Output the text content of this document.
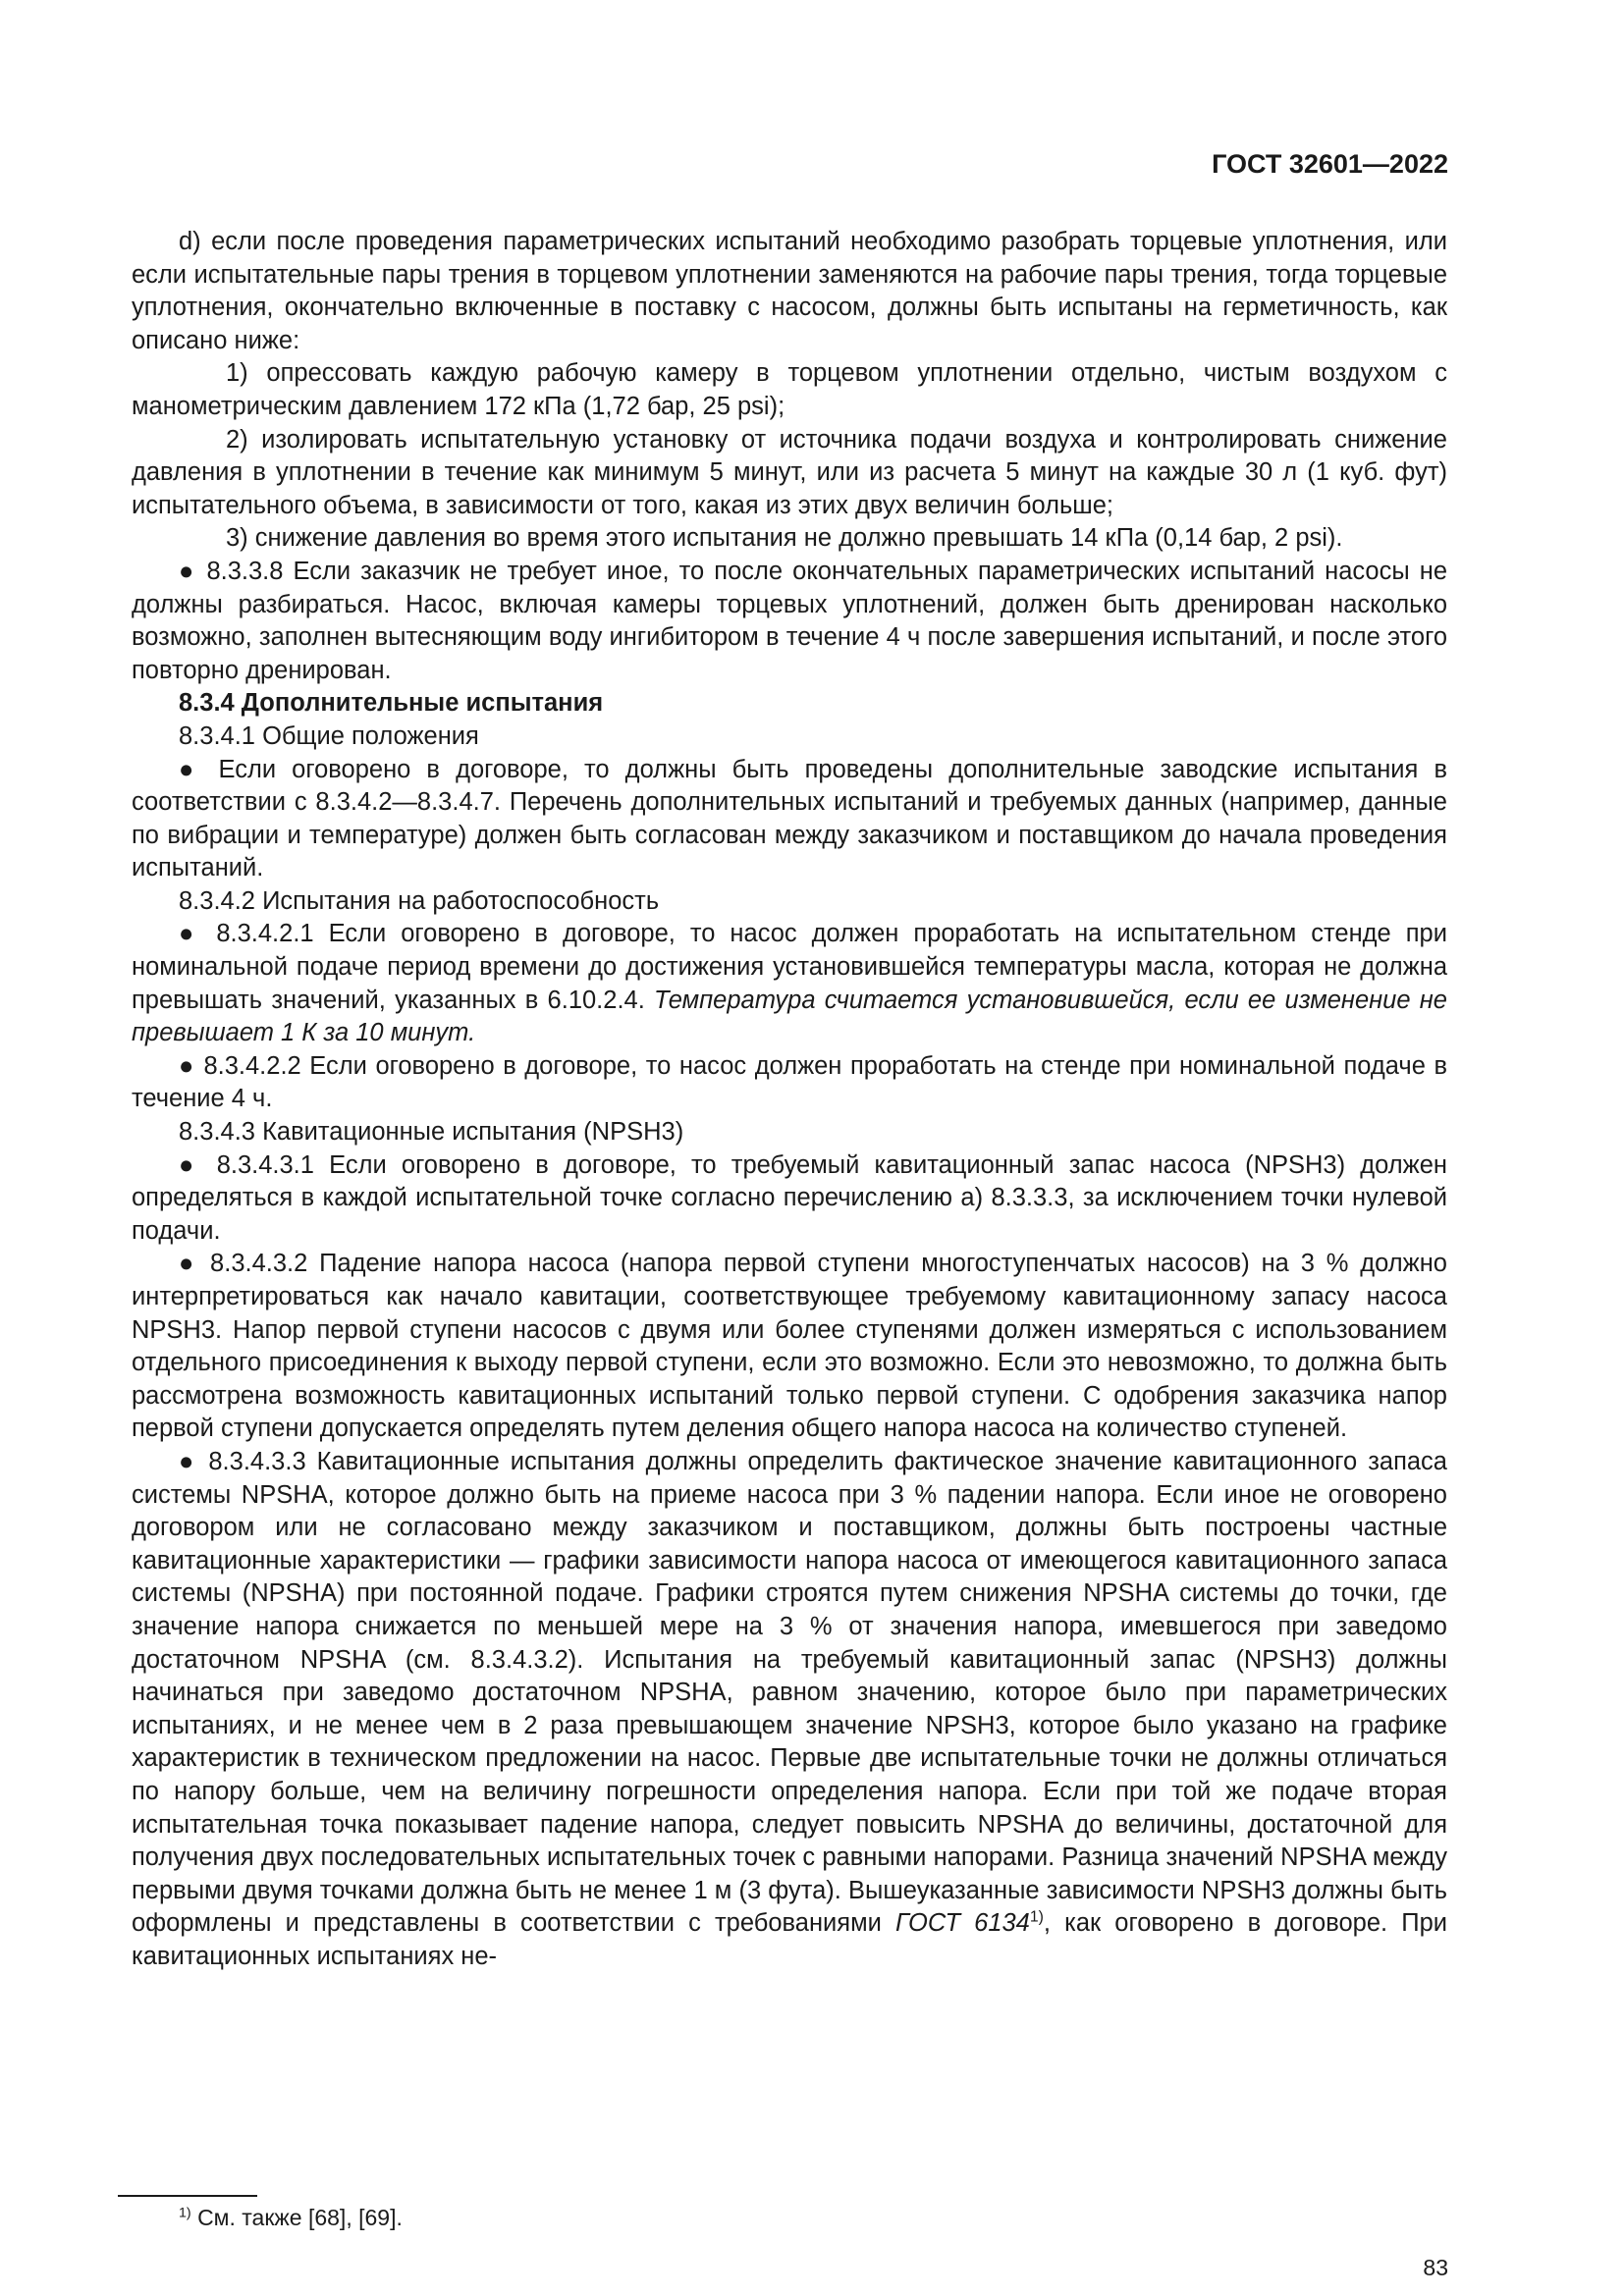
ГОСТ 32601—2022

d) если после проведения параметрических испытаний необходимо разобрать торцевые уплотнения, или если испытательные пары трения в торцевом уплотнении заменяются на рабочие пары трения, тогда торцевые уплотнения, окончательно включенные в поставку с насосом, должны быть испытаны на герметичность, как описано ниже:

1) опрессовать каждую рабочую камеру в торцевом уплотнении отдельно, чистым воздухом с манометрическим давлением 172 кПа (1,72 бар, 25 psi);

2) изолировать испытательную установку от источника подачи воздуха и контролировать снижение давления в уплотнении в течение как минимум 5 минут, или из расчета 5 минут на каждые 30 л (1 куб. фут) испытательного объема, в зависимости от того, какая из этих двух величин больше;

3) снижение давления во время этого испытания не должно превышать 14 кПа (0,14 бар, 2 psi).

● 8.3.3.8 Если заказчик не требует иное, то после окончательных параметрических испытаний насосы не должны разбираться. Насос, включая камеры торцевых уплотнений, должен быть дренирован насколько возможно, заполнен вытесняющим воду ингибитором в течение 4 ч после завершения испытаний, и после этого повторно дренирован.

8.3.4 Дополнительные испытания

8.3.4.1 Общие положения

● Если оговорено в договоре, то должны быть проведены дополнительные заводские испытания в соответствии с 8.3.4.2—8.3.4.7. Перечень дополнительных испытаний и требуемых данных (например, данные по вибрации и температуре) должен быть согласован между заказчиком и поставщиком до начала проведения испытаний.

8.3.4.2 Испытания на работоспособность

● 8.3.4.2.1 Если оговорено в договоре, то насос должен проработать на испытательном стенде при номинальной подаче период времени до достижения установившейся температуры масла, которая не должна превышать значений, указанных в 6.10.2.4. Температура считается установившейся, если ее изменение не превышает 1 К за 10 минут.

● 8.3.4.2.2 Если оговорено в договоре, то насос должен проработать на стенде при номинальной подаче в течение 4 ч.

8.3.4.3 Кавитационные испытания (NPSH3)

● 8.3.4.3.1 Если оговорено в договоре, то требуемый кавитационный запас насоса (NPSH3) должен определяться в каждой испытательной точке согласно перечислению а) 8.3.3.3, за исключением точки нулевой подачи.

● 8.3.4.3.2 Падение напора насоса (напора первой ступени многоступенчатых насосов) на 3 % должно интерпретироваться как начало кавитации, соответствующее требуемому кавитационному запасу насоса NPSH3. Напор первой ступени насосов с двумя или более ступенями должен измеряться с использованием отдельного присоединения к выходу первой ступени, если это возможно. Если это невозможно, то должна быть рассмотрена возможность кавитационных испытаний только первой ступени. С одобрения заказчика напор первой ступени допускается определять путем деления общего напора насоса на количество ступеней.

● 8.3.4.3.3 Кавитационные испытания должны определить фактическое значение кавитационного запаса системы NPSHA, которое должно быть на приеме насоса при 3 % падении напора. Если иное не оговорено договором или не согласовано между заказчиком и поставщиком, должны быть построены частные кавитационные характеристики — графики зависимости напора насоса от имеющегося кавитационного запаса системы (NPSHA) при постоянной подаче. Графики строятся путем снижения NPSHA системы до точки, где значение напора снижается по меньшей мере на 3 % от значения напора, имевшегося при заведомо достаточном NPSHA (см. 8.3.4.3.2). Испытания на требуемый кавитационный запас (NPSH3) должны начинаться при заведомо достаточном NPSHA, равном значению, которое было при параметрических испытаниях, и не менее чем в 2 раза превышающем значение NPSH3, которое было указано на графике характеристик в техническом предложении на насос. Первые две испытательные точки не должны отличаться по напору больше, чем на величину погрешности определения напора. Если при той же подаче вторая испытательная точка показывает падение напора, следует повысить NPSHA до величины, достаточной для получения двух последовательных испытательных точек с равными напорами. Разница значений NPSHA между первыми двумя точками должна быть не менее 1 м (3 фута). Вышеуказанные зависимости NPSH3 должны быть оформлены и представлены в соответствии с требованиями ГОСТ 6134$^{1)}$, как оговорено в договоре. При кавитационных испытаниях не-

$^{1)}$ См. также [68], [69].
83
